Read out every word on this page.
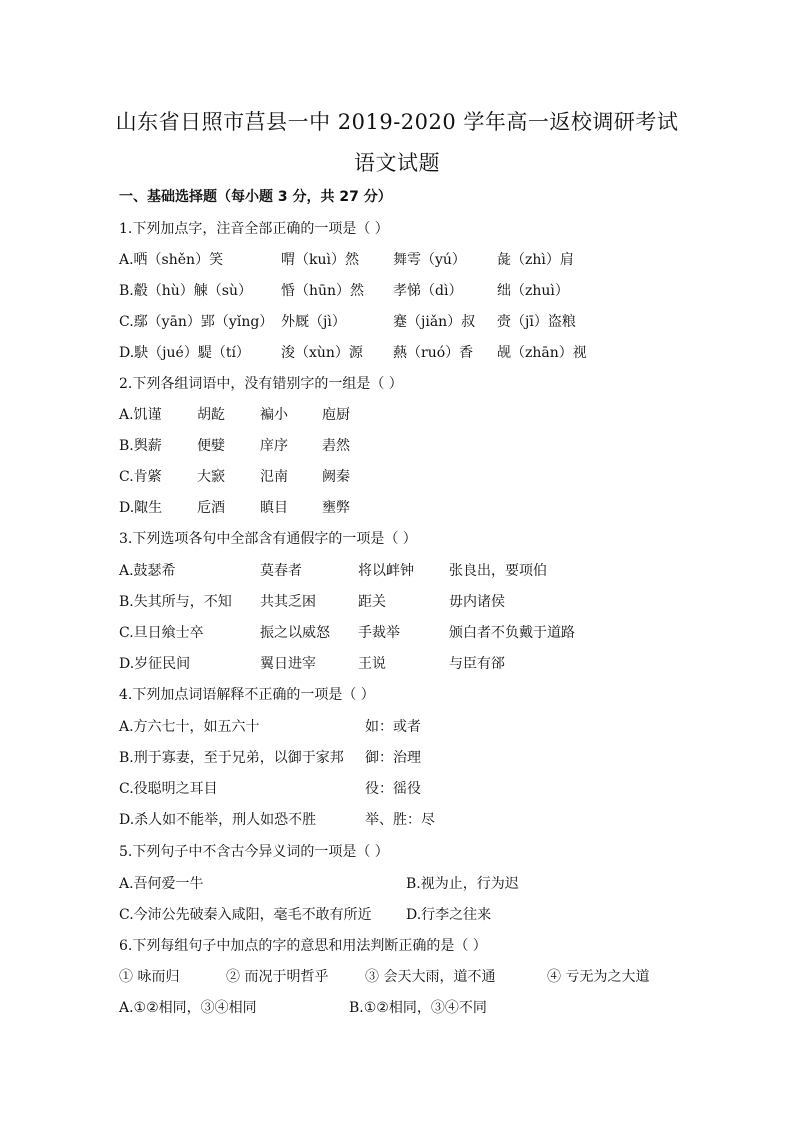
山东省日照市莒县一中 2019-2020 学年高一返校调研考试
语文试题
一、基础选择题（每小题 3 分，共 27 分）
1.下列加点字，注音全部正确的一项是（ ）
A.哂（shěn）笑	喟（kuì）然 舞雩（yú） 彘（zhì）肩
B.觳（hù）觫（sù） 惛（hūn）然 孝悌（dì） 绌（zhuì）
C.鄢（yān）郢（yǐng） 外厩（jì）	蹇（jiǎn）叔 赍（jī）盗粮
D.駃（jué）騠（tí） 浚（xùn）源 爇（ruó）香 觇（zhān）视
2.下列各组词语中，没有错别字的一组是（ ）
A.饥谨	胡龁	褊小 庖厨
B.舆薪	便嬖	庠序 砉然
C.肯綮	大窾	氾南 阙秦
D.陬生 卮酒	瞋目 壅弊
3.下列选项各句中全部含有通假字的一项是（ ）
A.鼓瑟希	莫春者	将以衅钟	张良出，要项伯
B.失其所与，不知 共其乏困	距关	毋内诸侯
C.旦日飨士卒	振之以威怒 手裁举	颁白者不负戴于道路
D.岁征民间	翼日进宰	王说	与臣有郤
4.下列加点词语解释不正确的一项是（ ）
A.方六七十，如五六十	如：或者
B.刑于寡妻，至于兄弟，以御于家邦 御：治理
C.役聪明之耳目	役：徭役
D.杀人如不能举，刑人如恐不胜	举、胜：尽
5.下列句子中不含古今异义词的一项是（ ）
A.吾何爱一牛	B.视为止，行为迟
C.今沛公先破秦入咸阳，毫毛不敢有所近 D.行李之往来
6.下列每组句子中加点的字的意思和用法判断正确的是（ ）
① 咏而归	② 而况于明哲乎	③ 会天大雨，道不通	④ 亏无为之大道
A.①②相同，③④相同	B.①②相同，③④不同
